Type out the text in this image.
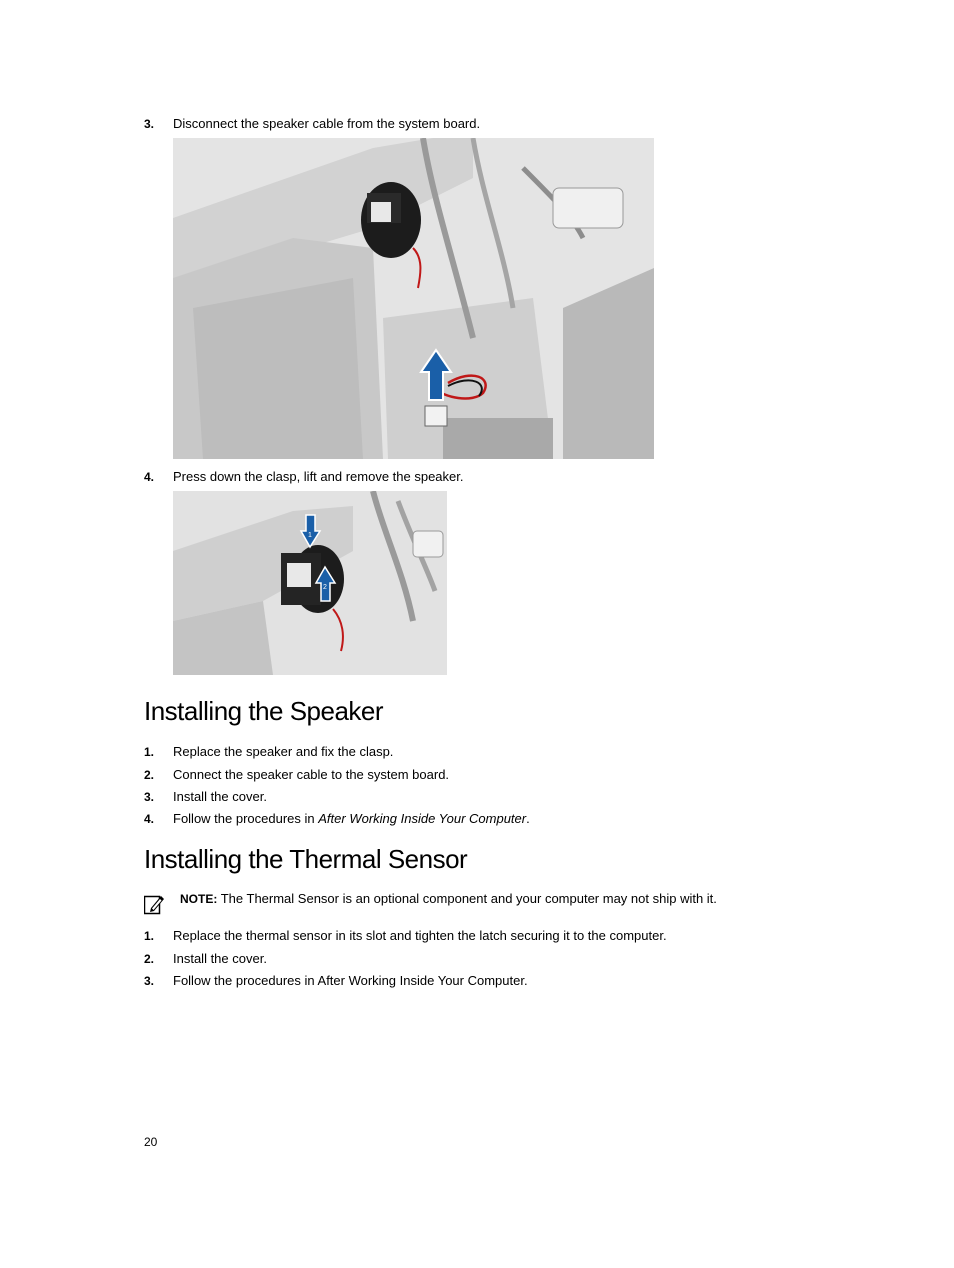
3. Disconnect the speaker cable from the system board.
4. Press down the clasp, lift and remove the speaker.
1
2
Installing the Speaker
1. Replace the speaker and fix the clasp.
2. Connect the speaker cable to the system board.
3. Install the cover.
4. Follow the procedures in After Working Inside Your Computer.
Installing the Thermal Sensor
NOTE: The Thermal Sensor is an optional component and your computer may not ship with it.
1. Replace the thermal sensor in its slot and tighten the latch securing it to the computer.
2. Install the cover.
3. Follow the procedures in After Working Inside Your Computer.
20
